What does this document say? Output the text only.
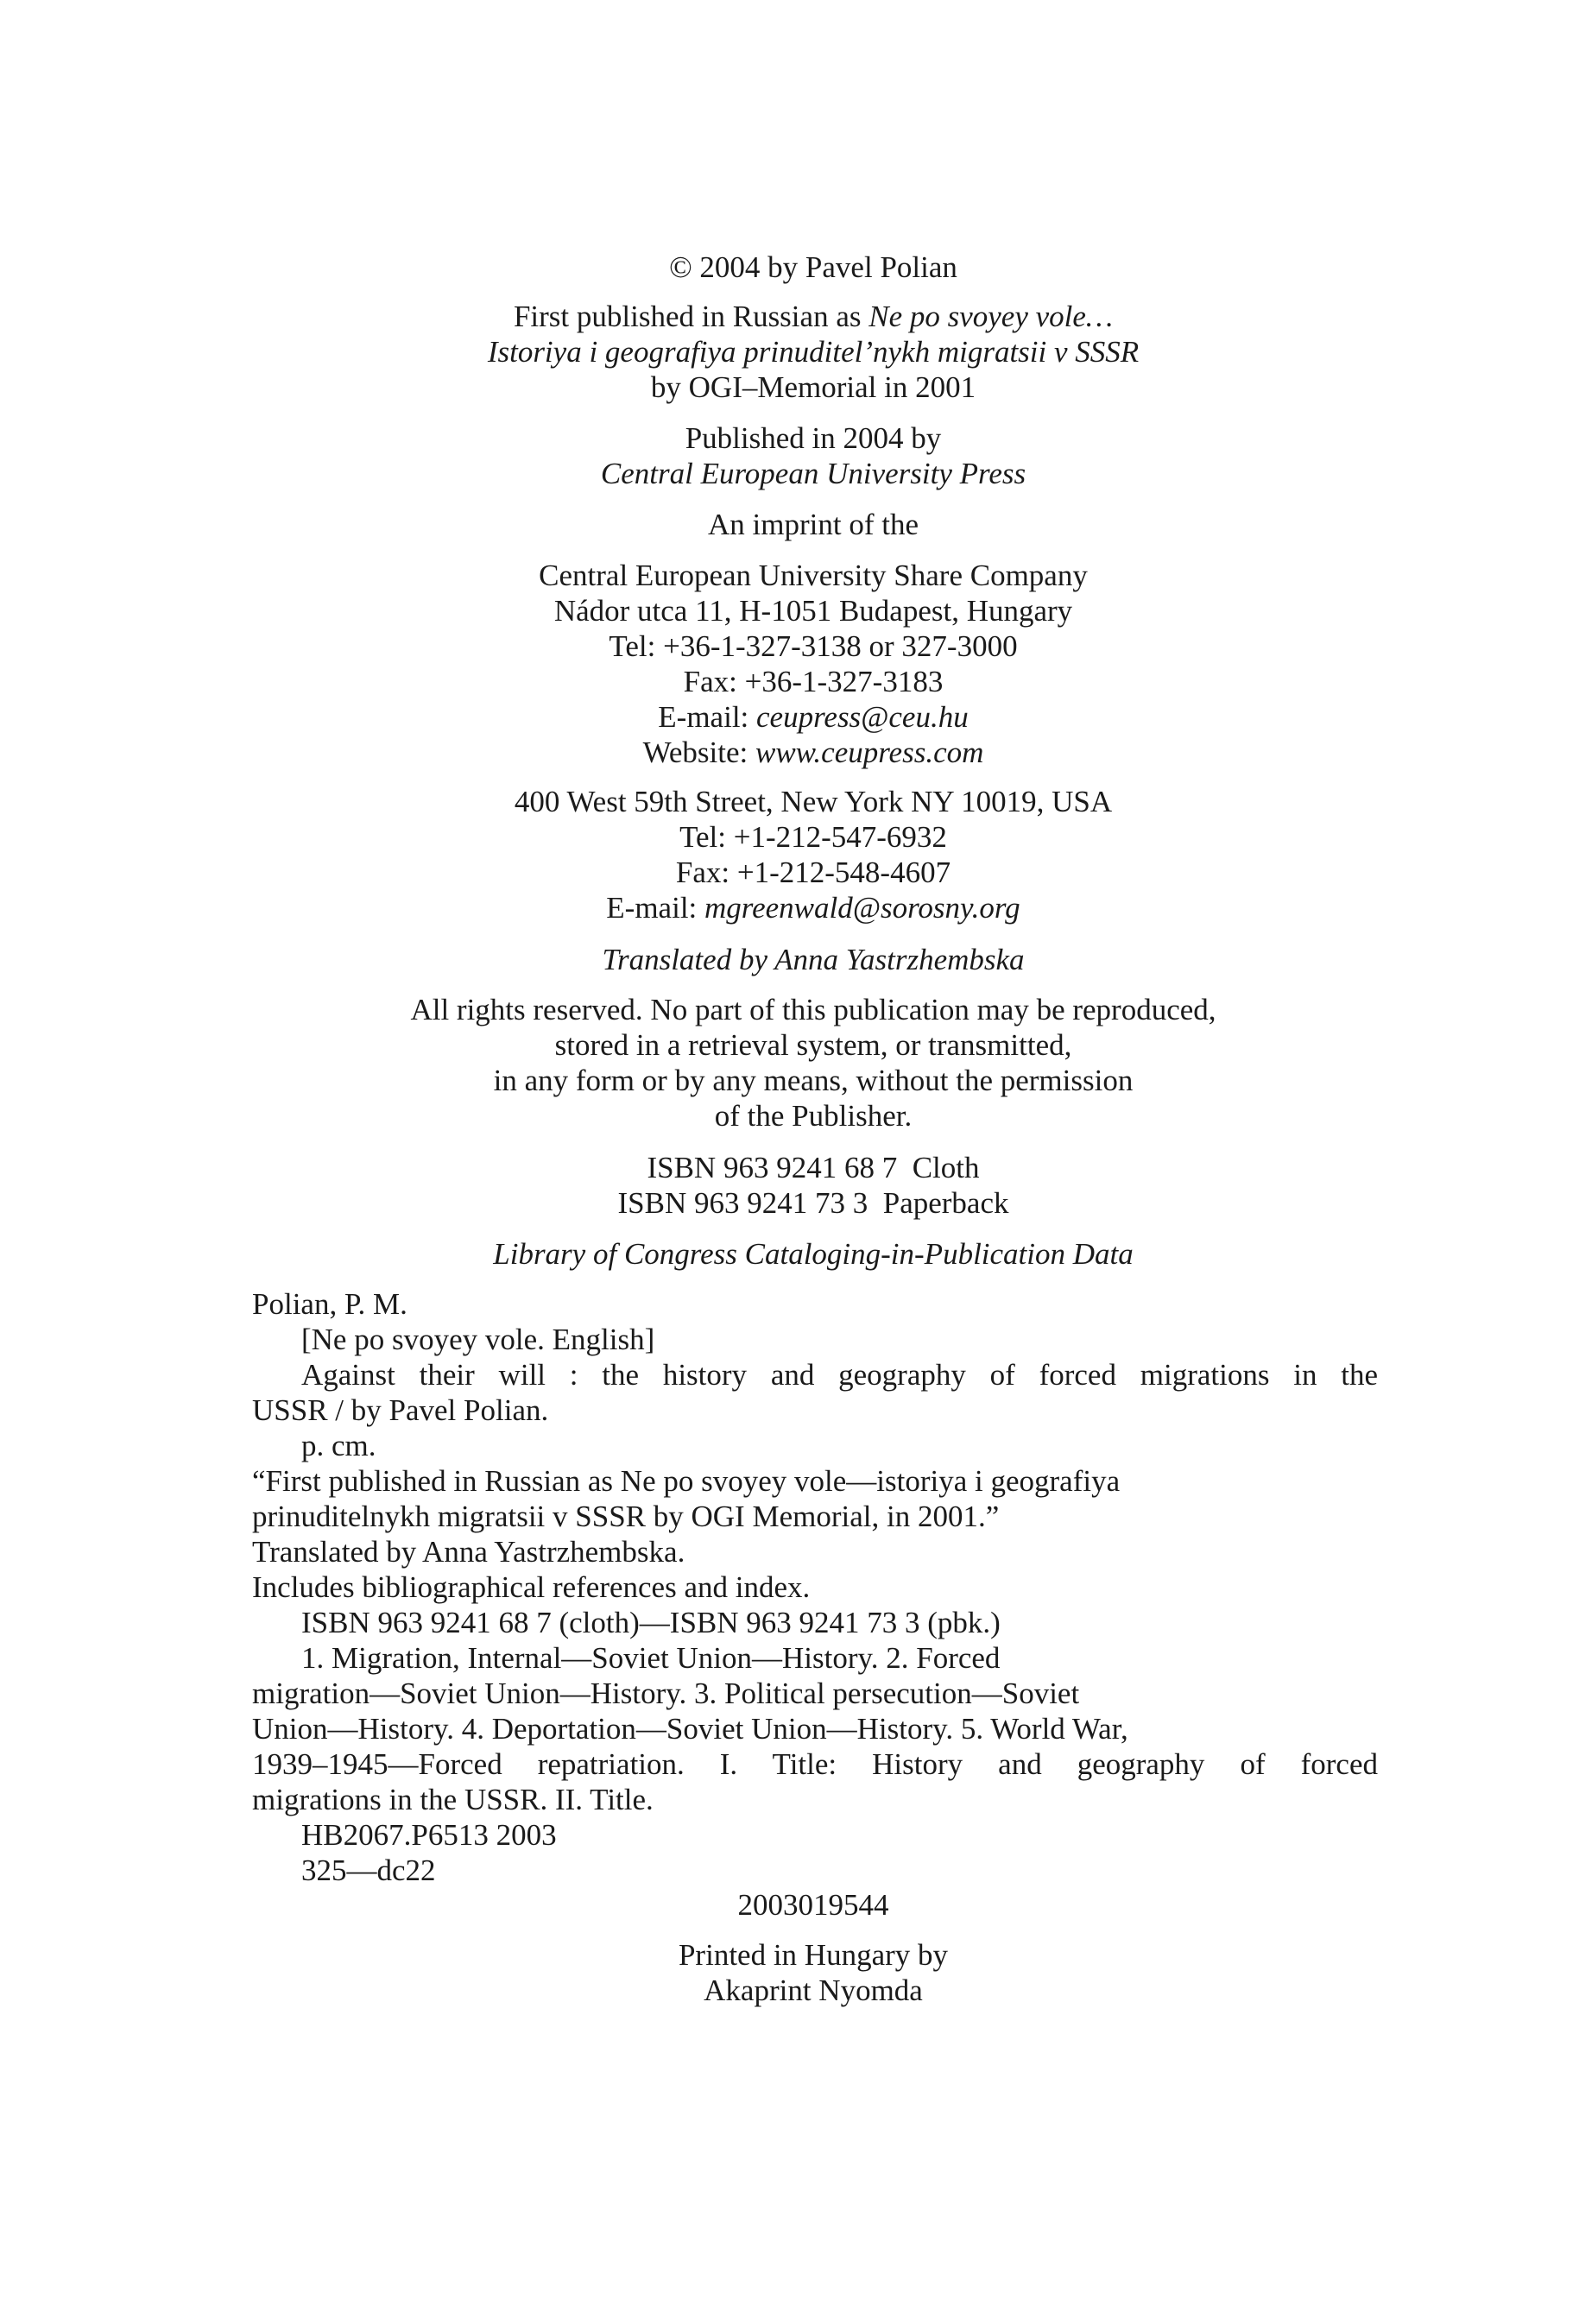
© 2004 by Pavel Polian
First published in Russian as Ne po svoyey vole…
Istoriya i geografiya prinuditel’nykh migratsii v SSSR
by OGI–Memorial in 2001
Published in 2004 by
Central European University Press
An imprint of the
Central European University Share Company
Nádor utca 11, H-1051 Budapest, Hungary
Tel: +36-1-327-3138 or 327-3000
Fax: +36-1-327-3183
E-mail: ceupress@ceu.hu
Website: www.ceupress.com
400 West 59th Street, New York NY 10019, USA
Tel: +1-212-547-6932
Fax: +1-212-548-4607
E-mail: mgreenwald@sorosny.org
Translated by Anna Yastrzhembska
All rights reserved. No part of this publication may be reproduced,
stored in a retrieval system, or transmitted,
in any form or by any means, without the permission
of the Publisher.
ISBN 963 9241 68 7  Cloth
ISBN 963 9241 73 3  Paperback
Library of Congress Cataloging-in-Publication Data
Polian, P. M.
[Ne po svoyey vole. English]
Against their will : the history and geography of forced migrations in the
USSR / by Pavel Polian.
p. cm.
“First published in Russian as Ne po svoyey vole—istoriya i geografiya
prinuditelnykh migratsii v SSSR by OGI Memorial, in 2001.”
Translated by Anna Yastrzhembska.
Includes bibliographical references and index.
ISBN 963 9241 68 7 (cloth)—ISBN 963 9241 73 3 (pbk.)
1. Migration, Internal—Soviet Union—History. 2. Forced
migration—Soviet Union—History. 3. Political persecution—Soviet
Union—History. 4. Deportation—Soviet Union—History. 5. World War,
1939–1945—Forced repatriation. I. Title: History and geography of forced
migrations in the USSR. II. Title.
HB2067.P6513 2003
325—dc22
2003019544
Printed in Hungary by
Akaprint Nyomda
